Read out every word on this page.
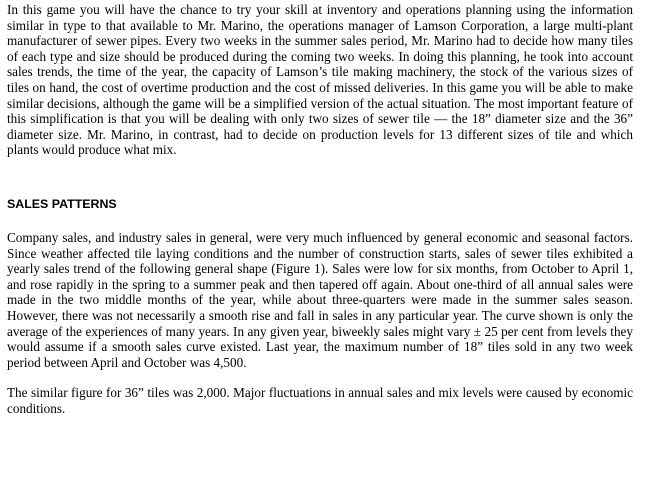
In this game you will have the chance to try your skill at inventory and operations planning using the information similar in type to that available to Mr. Marino, the operations manager of Lamson Corporation, a large multi-plant manufacturer of sewer pipes. Every two weeks in the summer sales period, Mr. Marino had to decide how many tiles of each type and size should be produced during the coming two weeks. In doing this planning, he took into account sales trends, the time of the year, the capacity of Lamson’s tile making machinery, the stock of the various sizes of tiles on hand, the cost of overtime production and the cost of missed deliveries. In this game you will be able to make similar decisions, although the game will be a simplified version of the actual situation. The most important feature of this simplification is that you will be dealing with only two sizes of sewer tile — the 18” diameter size and the 36” diameter size. Mr. Marino, in contrast, had to decide on production levels for 13 different sizes of tile and which plants would produce what mix.

SALES PATTERNS

Company sales, and industry sales in general, were very much influenced by general economic and seasonal factors. Since weather affected tile laying conditions and the number of construction starts, sales of sewer tiles exhibited a yearly sales trend of the following general shape (Figure 1). Sales were low for six months, from October to April 1, and rose rapidly in the spring to a summer peak and then tapered off again. About one-third of all annual sales were made in the two middle months of the year, while about three-quarters were made in the summer sales season. However, there was not necessarily a smooth rise and fall in sales in any particular year. The curve shown is only the average of the experiences of many years. In any given year, biweekly sales might vary ± 25 per cent from levels they would assume if a smooth sales curve existed. Last year, the maximum number of 18” tiles sold in any two week period between April and October was 4,500.

The similar figure for 36” tiles was 2,000. Major fluctuations in annual sales and mix levels were caused by economic conditions.
